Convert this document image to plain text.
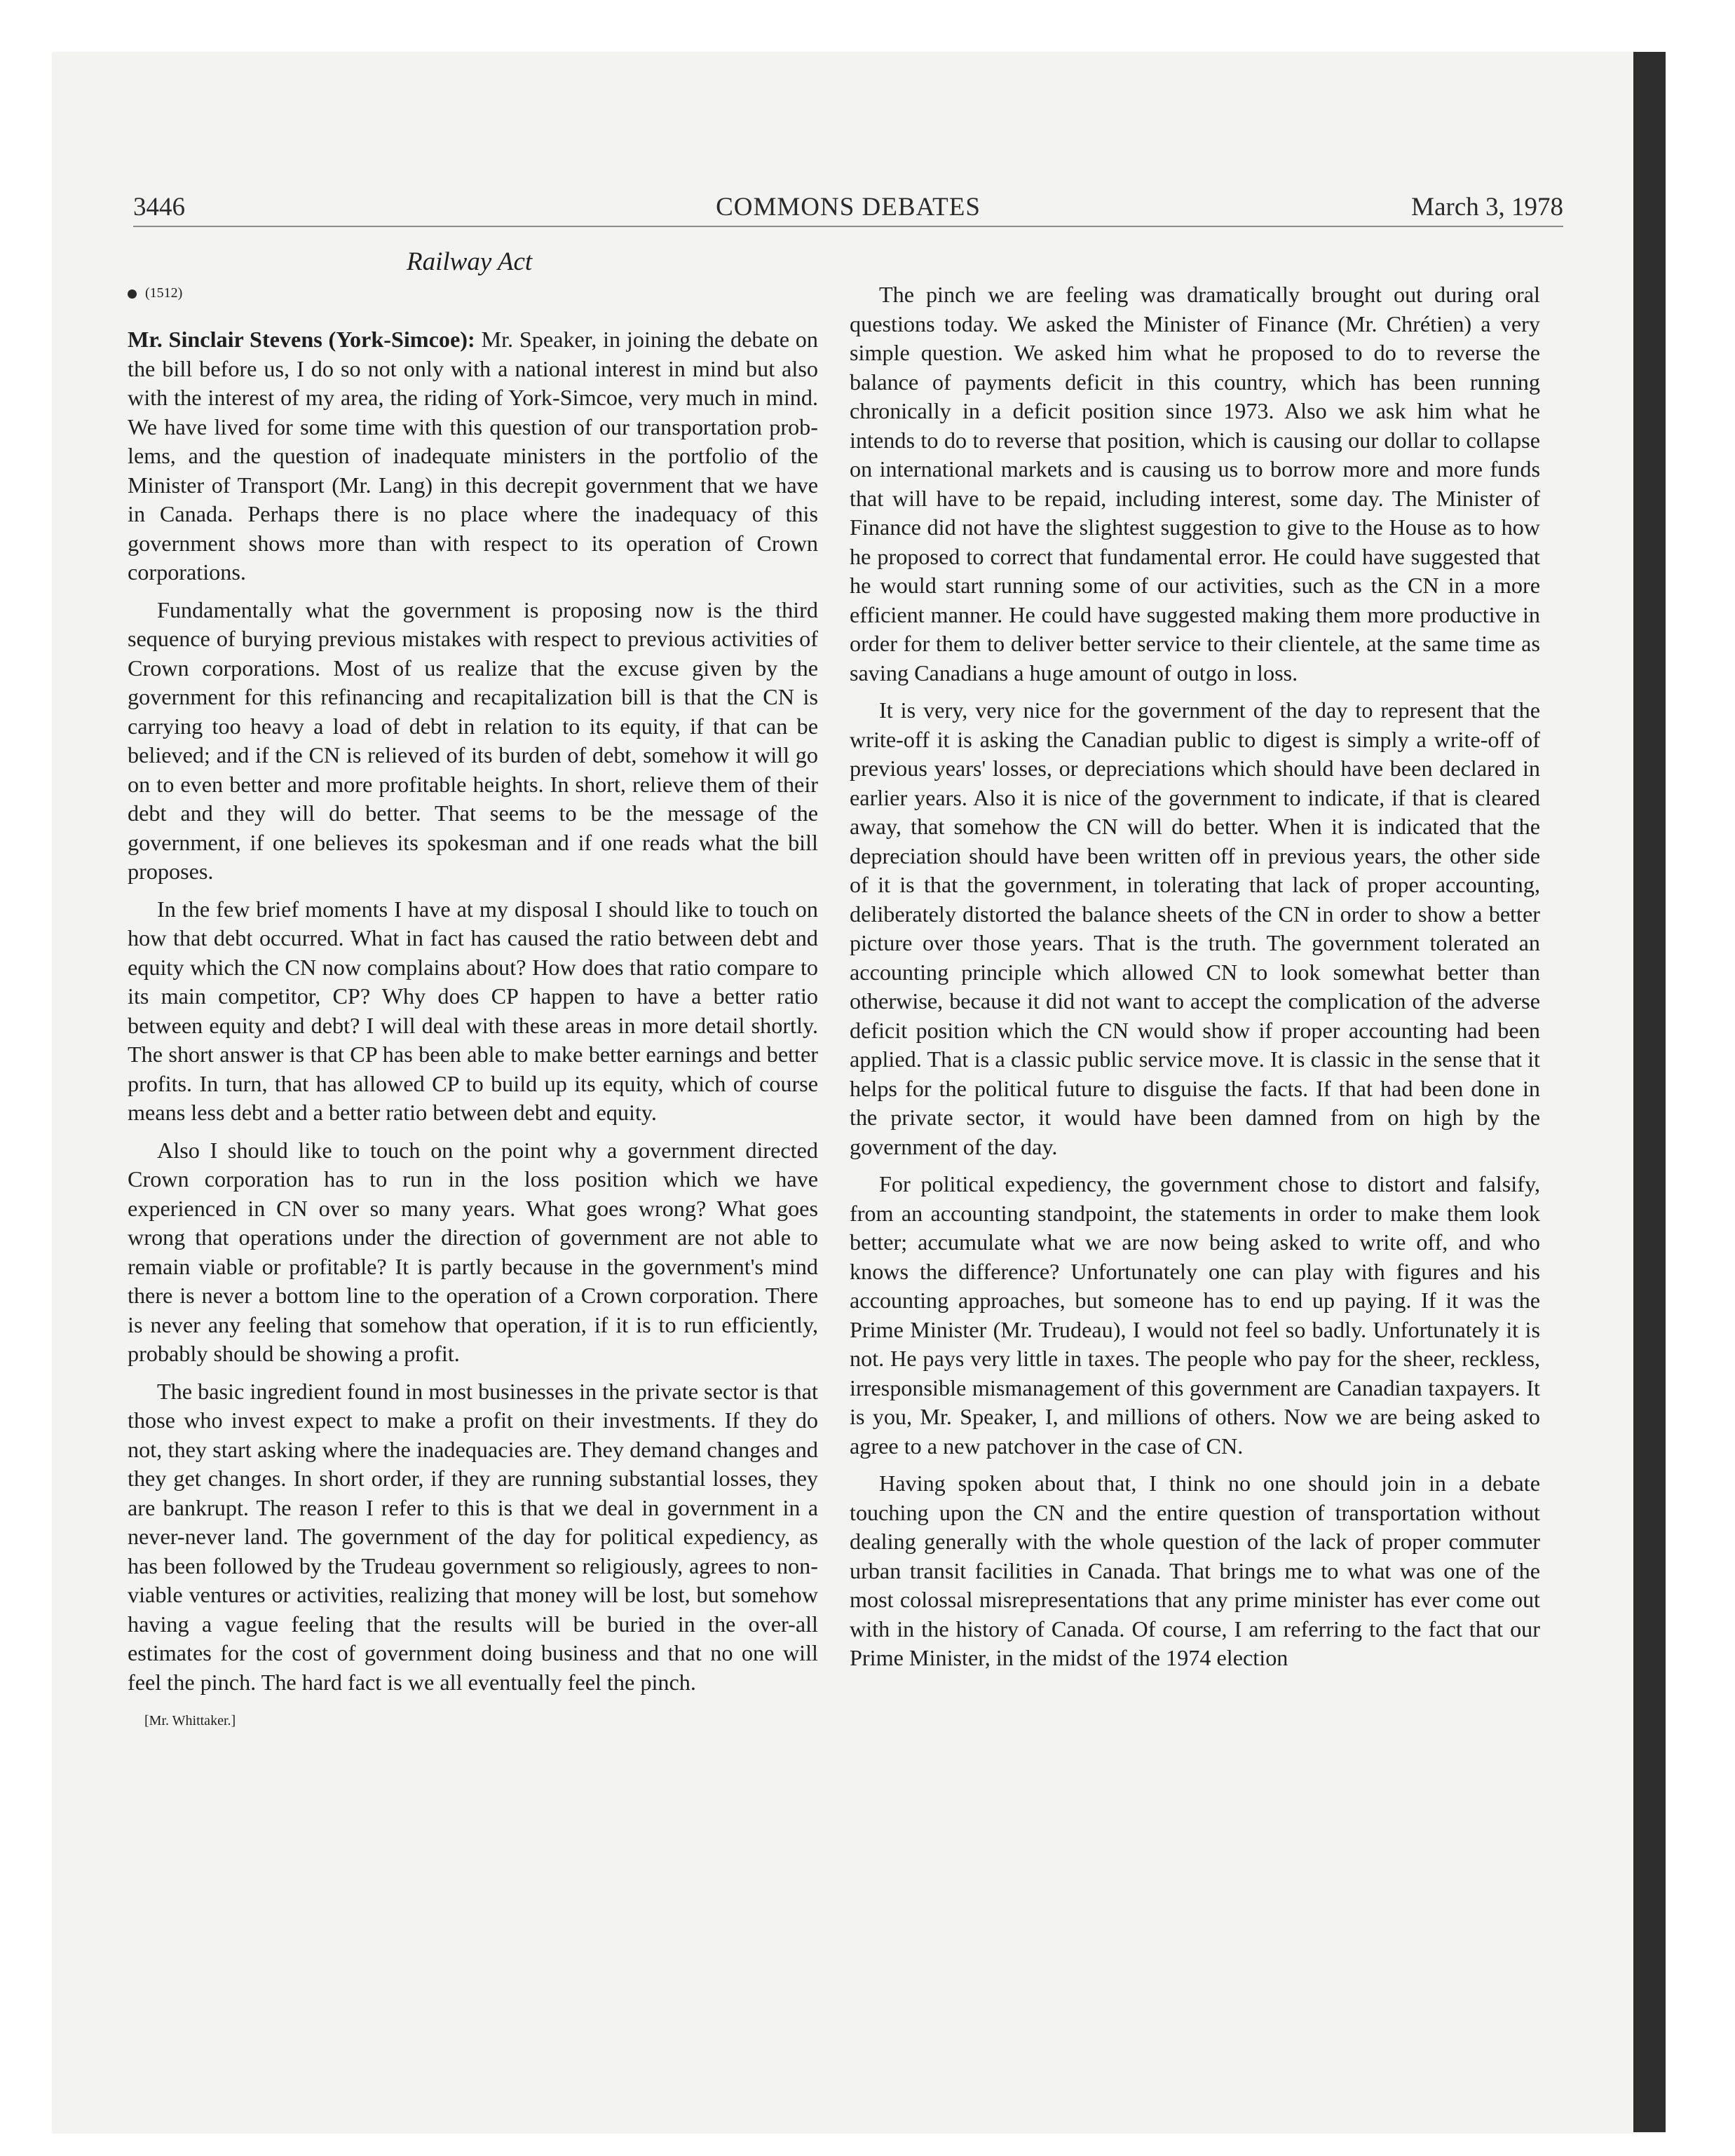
3446	COMMONS DEBATES	March 3, 1978
Railway Act
(1512)

Mr. Sinclair Stevens (York-Simcoe): Mr. Speaker, in joining the debate on the bill before us, I do so not only with a national interest in mind but also with the interest of my area, the riding of York-Simcoe, very much in mind. We have lived for some time with this question of our transportation problems, and the question of inadequate ministers in the portfolio of the Minister of Transport (Mr. Lang) in this decrepit government that we have in Canada. Perhaps there is no place where the inadequacy of this government shows more than with respect to its operation of Crown corporations.

Fundamentally what the government is proposing now is the third sequence of burying previous mistakes with respect to previous activities of Crown corporations. Most of us realize that the excuse given by the government for this refinancing and recapitalization bill is that the CN is carrying too heavy a load of debt in relation to its equity, if that can be believed; and if the CN is relieved of its burden of debt, somehow it will go on to even better and more profitable heights. In short, relieve them of their debt and they will do better. That seems to be the message of the government, if one believes its spokesman and if one reads what the bill proposes.

In the few brief moments I have at my disposal I should like to touch on how that debt occurred. What in fact has caused the ratio between debt and equity which the CN now complains about? How does that ratio compare to its main competitor, CP? Why does CP happen to have a better ratio between equity and debt? I will deal with these areas in more detail shortly. The short answer is that CP has been able to make better earnings and better profits. In turn, that has allowed CP to build up its equity, which of course means less debt and a better ratio between debt and equity.

Also I should like to touch on the point why a government directed Crown corporation has to run in the loss position which we have experienced in CN over so many years. What goes wrong? What goes wrong that operations under the direction of government are not able to remain viable or profitable? It is partly because in the government's mind there is never a bottom line to the operation of a Crown corporation. There is never any feeling that somehow that operation, if it is to run efficiently, probably should be showing a profit.

The basic ingredient found in most businesses in the private sector is that those who invest expect to make a profit on their investments. If they do not, they start asking where the inadequacies are. They demand changes and they get changes. In short order, if they are running substantial losses, they are bankrupt. The reason I refer to this is that we deal in government in a never-never land. The government of the day for political expediency, as has been followed by the Trudeau government so religiously, agrees to non-viable ventures or activities, realizing that money will be lost, but somehow having a vague feeling that the results will be buried in the over-all estimates for the cost of government doing business and that no one will feel the pinch. The hard fact is we all eventually feel the pinch.

[Mr. Whittaker.]

The pinch we are feeling was dramatically brought out during oral questions today. We asked the Minister of Finance (Mr. Chrétien) a very simple question. We asked him what he proposed to do to reverse the balance of payments deficit in this country, which has been running chronically in a deficit position since 1973. Also we ask him what he intends to do to reverse that position, which is causing our dollar to collapse on international markets and is causing us to borrow more and more funds that will have to be repaid, including interest, some day. The Minister of Finance did not have the slightest suggestion to give to the House as to how he proposed to correct that fundamental error. He could have suggested that he would start running some of our activities, such as the CN in a more efficient manner. He could have suggested making them more productive in order for them to deliver better service to their clientele, at the same time as saving Canadians a huge amount of outgo in loss.

It is very, very nice for the government of the day to represent that the write-off it is asking the Canadian public to digest is simply a write-off of previous years' losses, or depreciations which should have been declared in earlier years. Also it is nice of the government to indicate, if that is cleared away, that somehow the CN will do better. When it is indicated that the depreciation should have been written off in previous years, the other side of it is that the government, in tolerating that lack of proper accounting, deliberately distorted the balance sheets of the CN in order to show a better picture over those years. That is the truth. The government tolerated an accounting principle which allowed CN to look somewhat better than otherwise, because it did not want to accept the complication of the adverse deficit position which the CN would show if proper accounting had been applied. That is a classic public service move. It is classic in the sense that it helps for the political future to disguise the facts. If that had been done in the private sector, it would have been damned from on high by the government of the day.

For political expediency, the government chose to distort and falsify, from an accounting standpoint, the statements in order to make them look better; accumulate what we are now being asked to write off, and who knows the difference? Unfortunately one can play with figures and his accounting approaches, but someone has to end up paying. If it was the Prime Minister (Mr. Trudeau), I would not feel so badly. Unfortunately it is not. He pays very little in taxes. The people who pay for the sheer, reckless, irresponsible mismanagement of this government are Canadian taxpayers. It is you, Mr. Speaker, I, and millions of others. Now we are being asked to agree to a new patchover in the case of CN.

Having spoken about that, I think no one should join in a debate touching upon the CN and the entire question of transportation without dealing generally with the whole question of the lack of proper commuter urban transit facilities in Canada. That brings me to what was one of the most colossal misrepresentations that any prime minister has ever come out with in the history of Canada. Of course, I am referring to the fact that our Prime Minister, in the midst of the 1974 election
